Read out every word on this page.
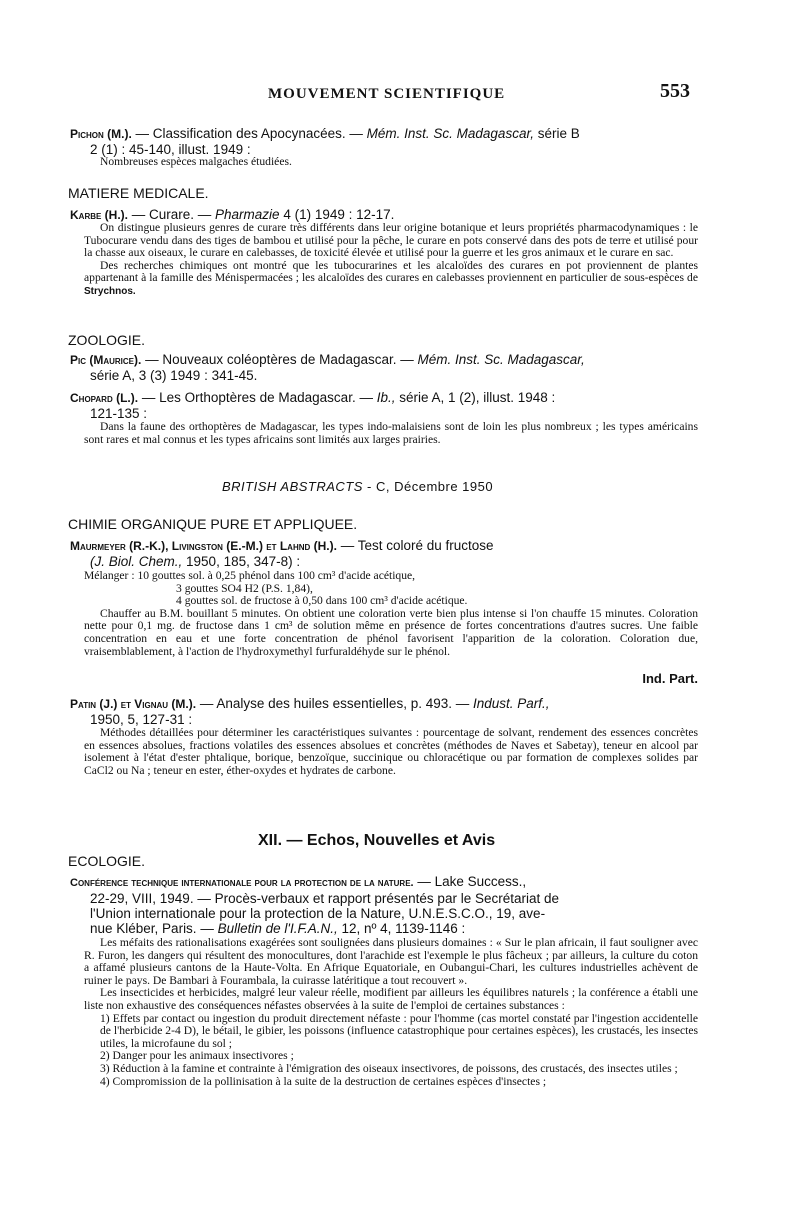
MOUVEMENT SCIENTIFIQUE	553
Pichon (M.). — Classification des Apocynacées. — Mém. Inst. Sc. Madagascar, série B
2 (1) : 45-140, illust. 1949 :

Nombreuses espèces malgaches étudiées.

MATIERE MEDICALE.
Karbe (H.). — Curare. — Pharmazie 4 (1) 1949 : 12-17.

On distingue plusieurs genres de curare très différents dans leur origine botanique et leurs propriétés pharmacodynamiques : le Tubocurare vendu dans des tiges de bambou et utilisé pour la pêche, le curare en pots conservé dans des pots de terre et utilisé pour la chasse aux oiseaux, le curare en calebasses, de toxicité élevée et utilisé pour la guerre et les gros animaux et le curare en sac.

Des recherches chimiques ont montré que les tubocurarines et les alcaloïdes des curares en pot proviennent de plantes appartenant à la famille des Ménispermacées ; les alcaloïdes des curares en calebasses proviennent en particulier de sous-espèces de Strychnos.

ZOOLOGIE.
Pic (Maurice). — Nouveaux coléoptères de Madagascar. — Mém. Inst. Sc. Madagascar,
série A, 3 (3) 1949 : 341-45.
Chopard (L.). — Les Orthoptères de Madagascar. — Ib., série A, 1 (2), illust. 1948 :
121-135 :

Dans la faune des orthoptères de Madagascar, les types indo-malaisiens sont de loin les plus nombreux ; les types américains sont rares et mal connus et les types africains sont limités aux larges prairies.

BRITISH ABSTRACTS - C, Décembre 1950
CHIMIE ORGANIQUE PURE ET APPLIQUEE.
Maurmeyer (R.-K.), Livingston (E.-M.) et Lahnd (H.). — Test coloré du fructose
(J. Biol. Chem., 1950, 185, 347-8) :

Mélanger : 10 gouttes sol. à 0,25 phénol dans 100 cm³ d'acide acétique,

3 gouttes SO4 H2 (P.S. 1,84),

4 gouttes sol. de fructose à 0,50 dans 100 cm³ d'acide acétique.

Chauffer au B.M. bouillant 5 minutes. On obtient une coloration verte bien plus intense si l'on chauffe 15 minutes. Coloration nette pour 0,1 mg. de fructose dans 1 cm³ de solution même en présence de fortes concentrations d'autres sucres. Une faible concentration en eau et une forte concentration de phénol favorisent l'apparition de la coloration. Coloration due, vraisemblablement, à l'action de l'hydroxymethyl furfuraldéhyde sur le phénol.

Ind. Part.
Patin (J.) et Vignau (M.). — Analyse des huiles essentielles, p. 493. — Indust. Parf.,
1950, 5, 127-31 :

Méthodes détaillées pour déterminer les caractéristiques suivantes : pourcentage de solvant, rendement des essences concrètes en essences absolues, fractions volatiles des essences absolues et concrètes (méthodes de Naves et Sabetay), teneur en alcool par isolement à l'état d'ester phtalique, borique, benzoïque, succinique ou chloracétique ou par formation de complexes solides par CaCl2 ou Na ; teneur en ester, éther-oxydes et hydrates de carbone.

XII. — Echos, Nouvelles et Avis
ECOLOGIE.
Conférence technique internationale pour la protection de la nature. — Lake Success.,
22-29, VIII, 1949. — Procès-verbaux et rapport présentés par le Secrétariat de
l'Union internationale pour la protection de la Nature, U.N.E.S.C.O., 19, ave-
nue Kléber, Paris. — Bulletin de l'I.F.A.N., 12, nº 4, 1139-1146 :

Les méfaits des rationalisations exagérées sont soulignées dans plusieurs domaines : « Sur le plan africain, il faut souligner avec R. Furon, les dangers qui résultent des monocultures, dont l'arachide est l'exemple le plus fâcheux ; par ailleurs, la culture du coton a affamé plusieurs cantons de la Haute-Volta. En Afrique Equatoriale, en Oubangui-Chari, les cultures industrielles achèvent de ruiner le pays. De Bambari à Fourambala, la cuirasse latéritique a tout recouvert ».

Les insecticides et herbicides, malgré leur valeur réelle, modifient par ailleurs les équilibres naturels ; la conférence a établi une liste non exhaustive des conséquences néfastes observées à la suite de l'emploi de certaines substances :

1) Effets par contact ou ingestion du produit directement néfaste : pour l'homme (cas mortel constaté par l'ingestion accidentelle de l'herbicide 2-4 D), le bétail, le gibier, les poissons (influence catastrophique pour certaines espèces), les crustacés, les insectes utiles, la microfaune du sol ;

2) Danger pour les animaux insectivores ;

3) Réduction à la famine et contrainte à l'émigration des oiseaux insectivores, de poissons, des crustacés, des insectes utiles ;

4) Compromission de la pollinisation à la suite de la destruction de certaines espèces d'insectes ;
